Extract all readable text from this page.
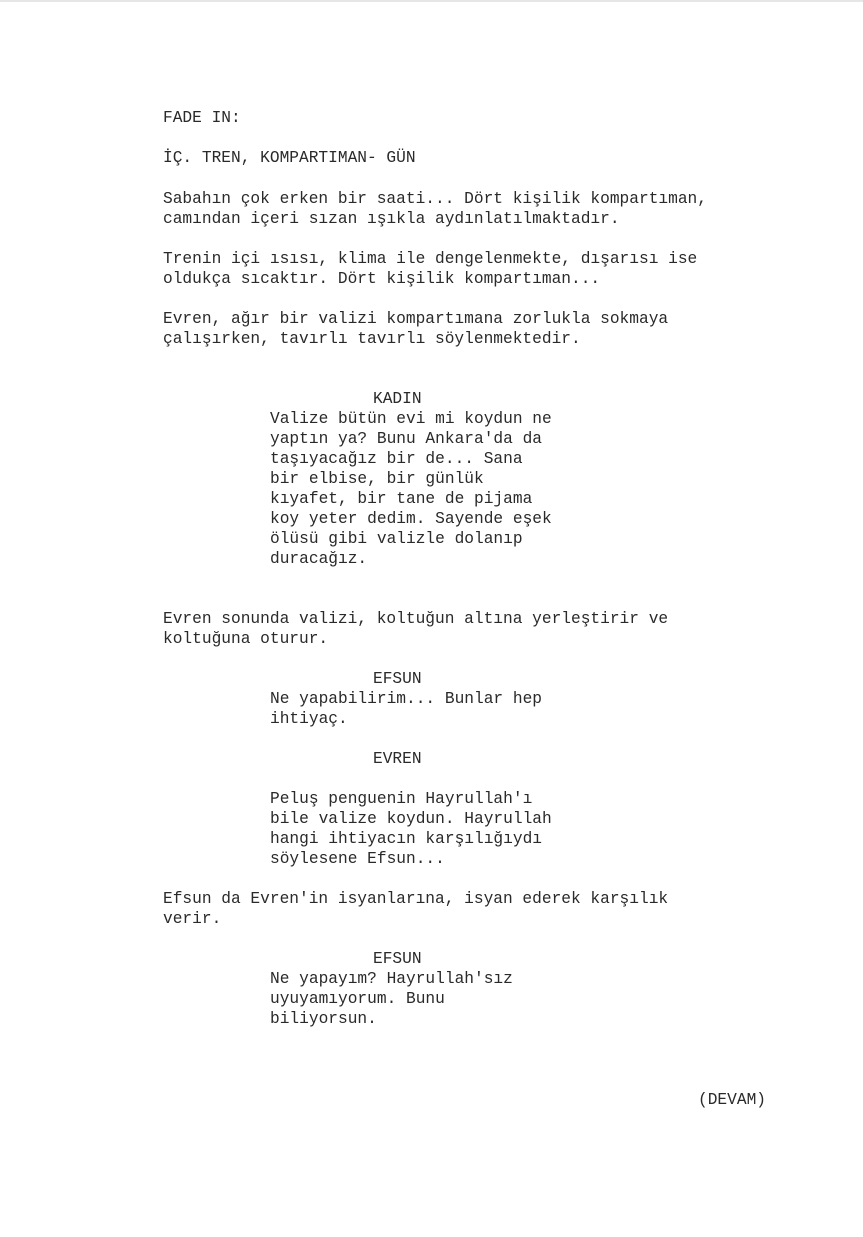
FADE IN:
İÇ. TREN, KOMPARTIMAN- GÜN
Sabahın çok erken bir saati... Dört kişilik kompartıman,
camından içeri sızan ışıkla aydınlatılmaktadır.
Trenin içi ısısı, klima ile dengelenmekte, dışarısı ise
oldukça sıcaktır. Dört kişilik kompartıman...
Evren, ağır bir valizi kompartımana zorlukla sokmaya
çalışırken, tavırlı tavırlı söylenmektedir.
KADIN
Valize bütün evi mi koydun ne
yaptın ya? Bunu Ankara'da da
taşıyacağız bir de... Sana
bir elbise, bir günlük
kıyafet, bir tane de pijama
koy yeter dedim. Sayende eşek
ölüsü gibi valizle dolanıp
duracağız.
Evren sonunda valizi, koltuğun altına yerleştirir ve
koltuğuna oturur.
EFSUN
Ne yapabilirim... Bunlar hep
ihtiyaç.
EVREN
Peluş penguenin Hayrullah'ı
bile valize koydun. Hayrullah
hangi ihtiyacın karşılığıydı
söylesene Efsun...
Efsun da Evren'in isyanlarına, isyan ederek karşılık
verir.
EFSUN
Ne yapayım? Hayrullah'sız
uyuyamıyorum. Bunu
biliyorsun.
(DEVAM)
